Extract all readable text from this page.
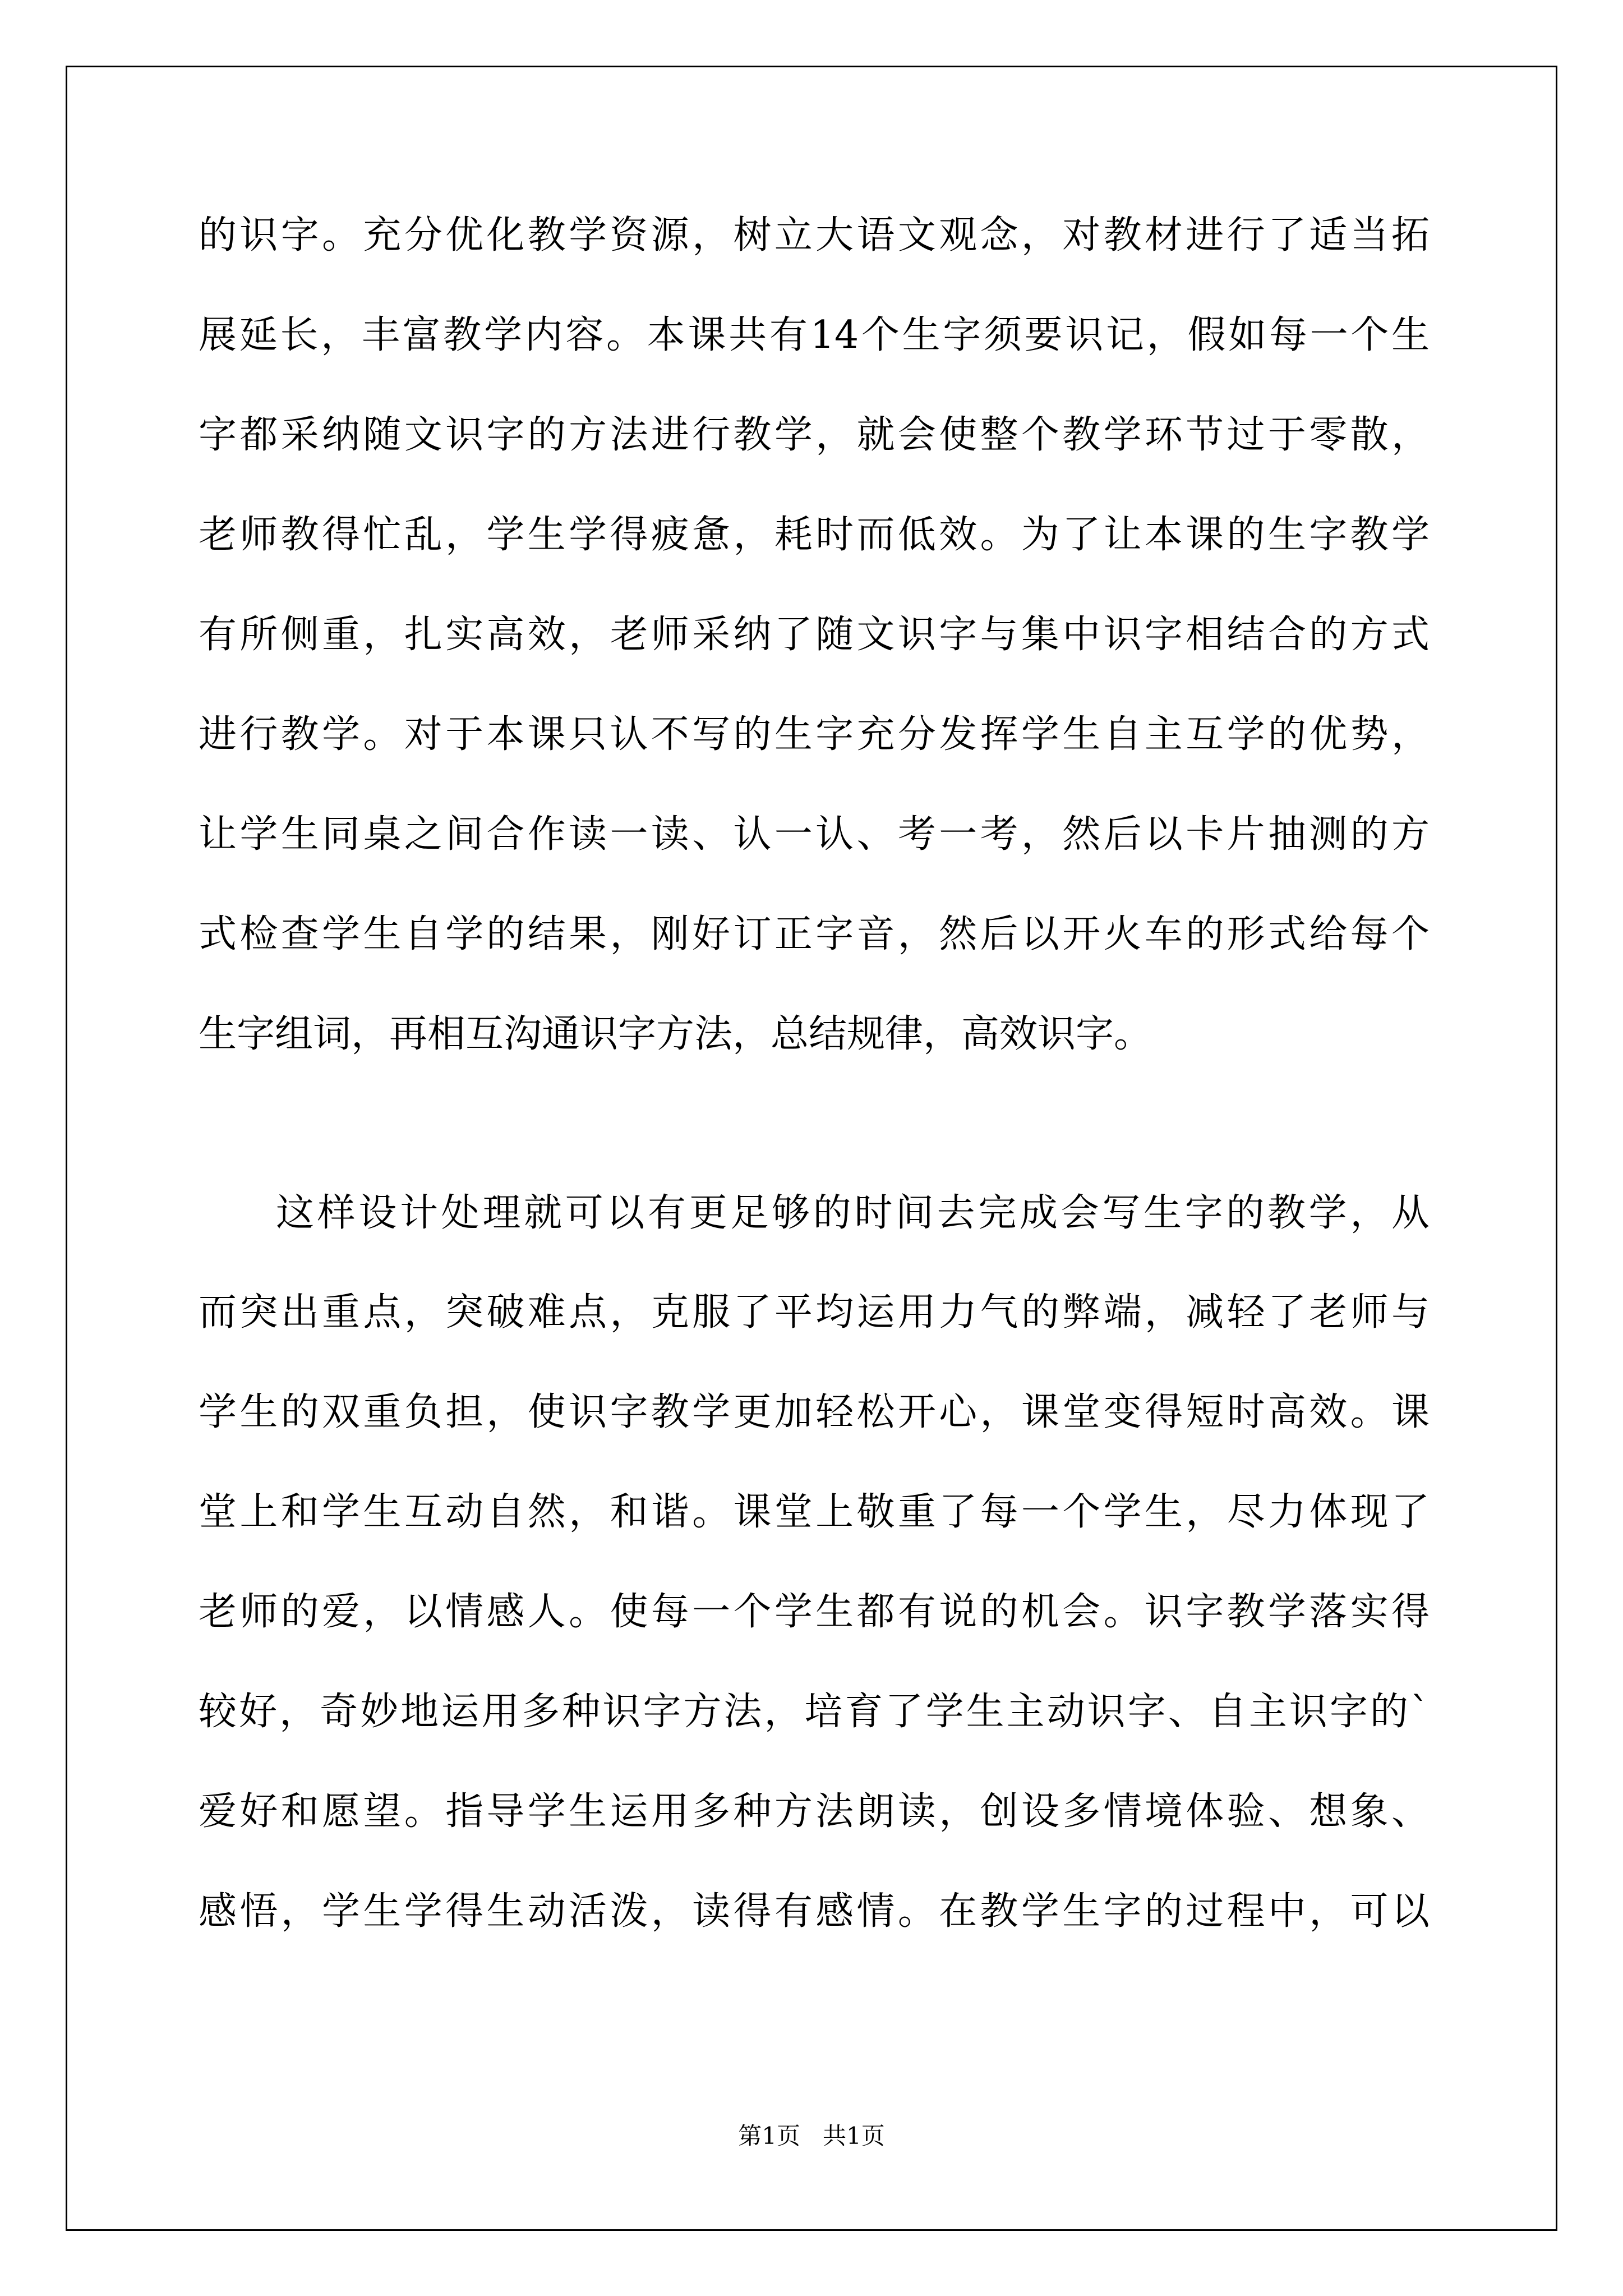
的识字。充分优化教学资源，树立大语文观念，对教材进行了适当拓
展延长，丰富教学内容。本课共有14个生字须要识记，假如每一个生
字都采纳随文识字的方法进行教学，就会使整个教学环节过于零散，
老师教得忙乱，学生学得疲惫，耗时而低效。为了让本课的生字教学
有所侧重，扎实高效，老师采纳了随文识字与集中识字相结合的方式
进行教学。对于本课只认不写的生字充分发挥学生自主互学的优势，
让学生同桌之间合作读一读、认一认、考一考，然后以卡片抽测的方
式检查学生自学的结果，刚好订正字音，然后以开火车的形式给每个
生字组词，再相互沟通识字方法，总结规律，高效识字。
这样设计处理就可以有更足够的时间去完成会写生字的教学，从
而突出重点，突破难点，克服了平均运用力气的弊端，减轻了老师与
学生的双重负担，使识字教学更加轻松开心，课堂变得短时高效。课
堂上和学生互动自然，和谐。课堂上敬重了每一个学生，尽力体现了
老师的爱，以情感人。使每一个学生都有说的机会。识字教学落实得
较好，奇妙地运用多种识字方法，培育了学生主动识字、自主识字的`
爱好和愿望。指导学生运用多种方法朗读，创设多情境体验、想象、
感悟，学生学得生动活泼，读得有感情。在教学生字的过程中，可以
第1页   共1页
